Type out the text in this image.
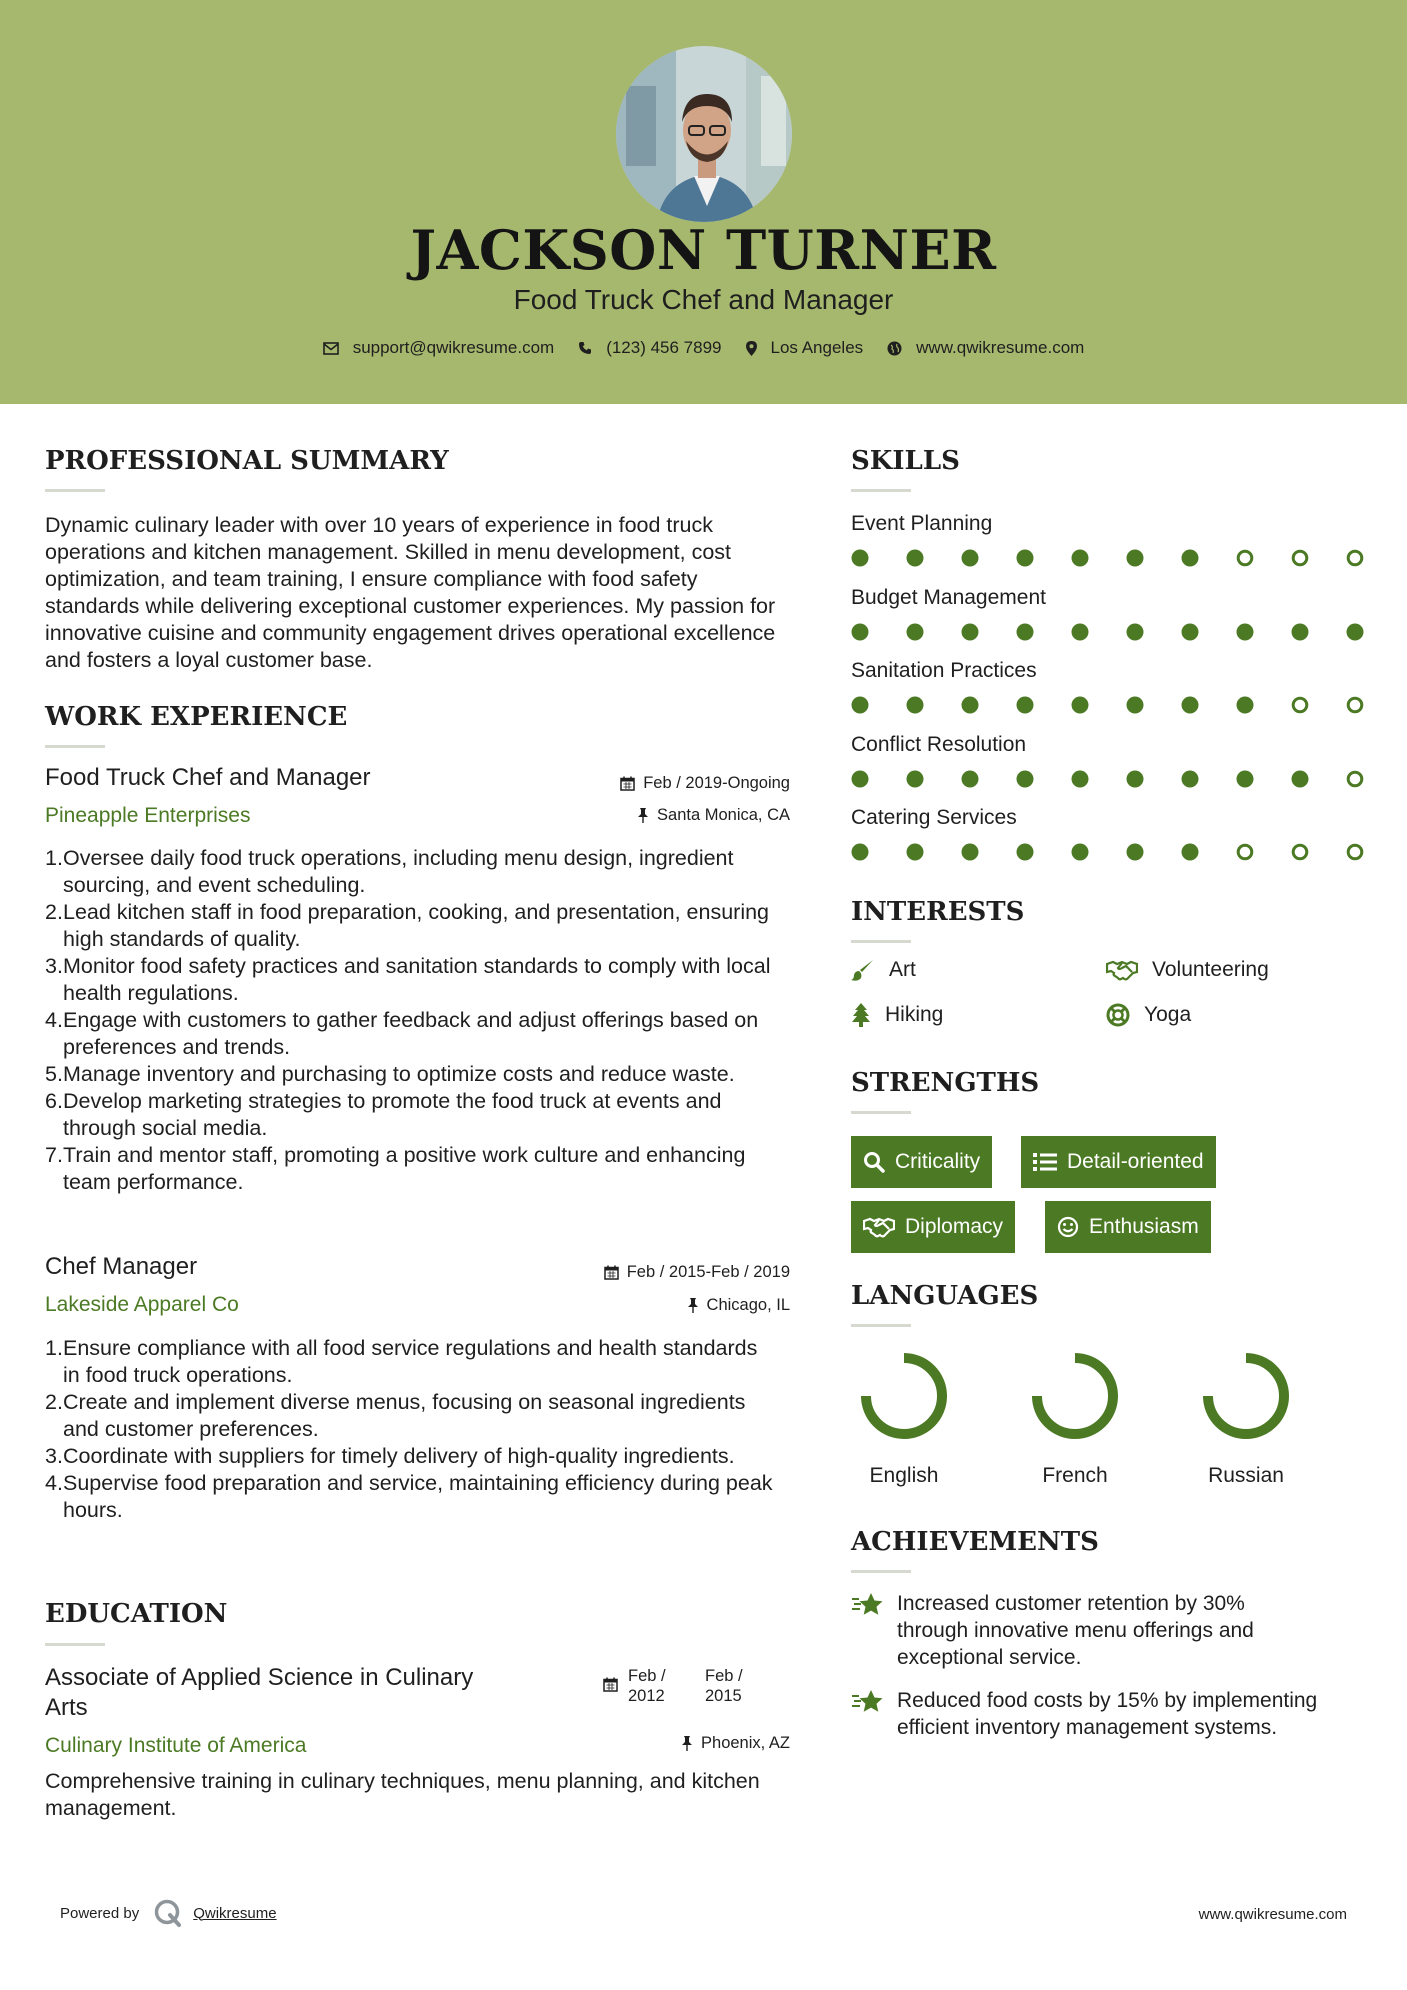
JACKSON TURNER
Food Truck Chef and Manager
support@qwikresume.com	(123) 456 7899	Los Angeles	www.qwikresume.com
PROFESSIONAL SUMMARY
Dynamic culinary leader with over 10 years of experience in food truck operations and kitchen management. Skilled in menu development, cost optimization, and team training, I ensure compliance with food safety standards while delivering exceptional customer experiences. My passion for innovative cuisine and community engagement drives operational excellence and fosters a loyal customer base.
WORK EXPERIENCE
Food Truck Chef and Manager	Feb / 2019-Ongoing
Pineapple Enterprises	Santa Monica, CA
1. Oversee daily food truck operations, including menu design, ingredient sourcing, and event scheduling.
2. Lead kitchen staff in food preparation, cooking, and presentation, ensuring high standards of quality.
3. Monitor food safety practices and sanitation standards to comply with local health regulations.
4. Engage with customers to gather feedback and adjust offerings based on preferences and trends.
5. Manage inventory and purchasing to optimize costs and reduce waste.
6. Develop marketing strategies to promote the food truck at events and through social media.
7. Train and mentor staff, promoting a positive work culture and enhancing team performance.
Chef Manager	Feb / 2015-Feb / 2019
Lakeside Apparel Co	Chicago, IL
1. Ensure compliance with all food service regulations and health standards in food truck operations.
2. Create and implement diverse menus, focusing on seasonal ingredients and customer preferences.
3. Coordinate with suppliers for timely delivery of high-quality ingredients.
4. Supervise food preparation and service, maintaining efficiency during peak hours.
EDUCATION
Associate of Applied Science in Culinary
Arts
Feb /
2012
Feb /
2015
Culinary Institute of America	Phoenix, AZ
Comprehensive training in culinary techniques, menu planning, and kitchen management.
SKILLS
Event Planning
Budget Management
Sanitation Practices
Conflict Resolution
Catering Services
INTERESTS
Art	Volunteering
Hiking	Yoga
STRENGTHS
Criticality	Detail-oriented
Diplomacy	Enthusiasm
LANGUAGES
English	French	Russian
ACHIEVEMENTS
Increased customer retention by 30% through innovative menu offerings and exceptional service.
Reduced food costs by 15% by implementing efficient inventory management systems.
Powered by	Qwikresume	www.qwikresume.com
